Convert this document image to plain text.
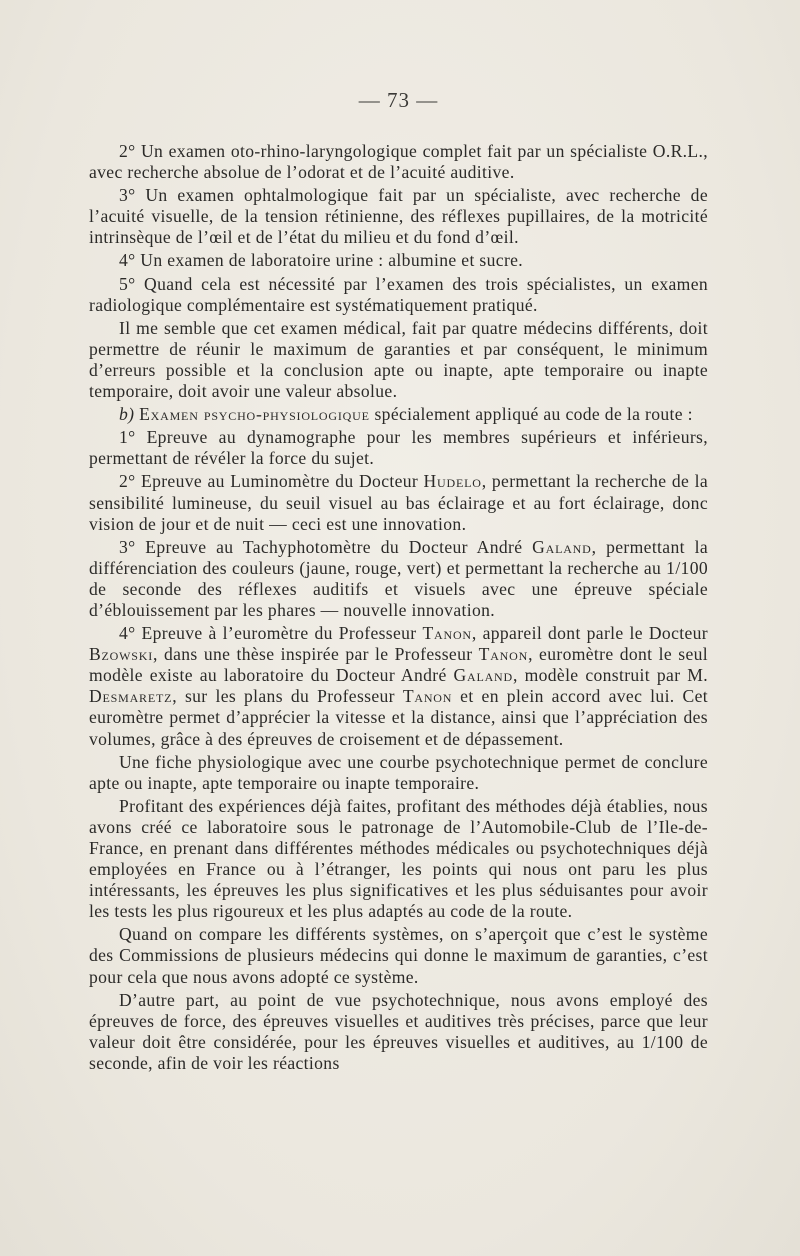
— 73 —

2° Un examen oto-rhino-laryngologique complet fait par un spécialiste O.R.L., avec recherche absolue de l’odorat et de l’acuité auditive.

3° Un examen ophtalmologique fait par un spécialiste, avec recherche de l’acuité visuelle, de la tension rétinienne, des réflexes pupillaires, de la motricité intrinsèque de l’œil et de l’état du milieu et du fond d’œil.

4° Un examen de laboratoire urine : albumine et sucre.

5° Quand cela est nécessité par l’examen des trois spécialistes, un examen radiologique complémentaire est systématiquement pratiqué.

Il me semble que cet examen médical, fait par quatre médecins différents, doit permettre de réunir le maximum de garanties et par conséquent, le minimum d’erreurs possible et la conclusion apte ou inapte, apte temporaire ou inapte temporaire, doit avoir une valeur absolue.

b) Examen psycho-physiologique spécialement appliqué au code de la route :

1° Epreuve au dynamographe pour les membres supérieurs et inférieurs, permettant de révéler la force du sujet.

2° Epreuve au Luminomètre du Docteur Hudelo, permettant la recherche de la sensibilité lumineuse, du seuil visuel au bas éclairage et au fort éclairage, donc vision de jour et de nuit — ceci est une innovation.

3° Epreuve au Tachyphotomètre du Docteur André Galand, permettant la différenciation des couleurs (jaune, rouge, vert) et permettant la recherche au 1/100 de seconde des réflexes auditifs et visuels avec une épreuve spéciale d’éblouissement par les phares — nouvelle innovation.

4° Epreuve à l’euromètre du Professeur Tanon, appareil dont parle le Docteur Bzowski, dans une thèse inspirée par le Professeur Tanon, euromètre dont le seul modèle existe au laboratoire du Docteur André Galand, modèle construit par M. Desmaretz, sur les plans du Professeur Tanon et en plein accord avec lui. Cet euromètre permet d’apprécier la vitesse et la distance, ainsi que l’appréciation des volumes, grâce à des épreuves de croisement et de dépassement.

Une fiche physiologique avec une courbe psychotechnique permet de conclure apte ou inapte, apte temporaire ou inapte temporaire.

Profitant des expériences déjà faites, profitant des méthodes déjà établies, nous avons créé ce laboratoire sous le patronage de l’Automobile-Club de l’Ile-de-France, en prenant dans différentes méthodes médicales ou psychotechniques déjà employées en France ou à l’étranger, les points qui nous ont paru les plus intéressants, les épreuves les plus significatives et les plus séduisantes pour avoir les tests les plus rigoureux et les plus adaptés au code de la route.

Quand on compare les différents systèmes, on s’aperçoit que c’est le système des Commissions de plusieurs médecins qui donne le maximum de garanties, c’est pour cela que nous avons adopté ce système.

D’autre part, au point de vue psychotechnique, nous avons employé des épreuves de force, des épreuves visuelles et auditives très précises, parce que leur valeur doit être considérée, pour les épreuves visuelles et auditives, au 1/100 de seconde, afin de voir les réactions
